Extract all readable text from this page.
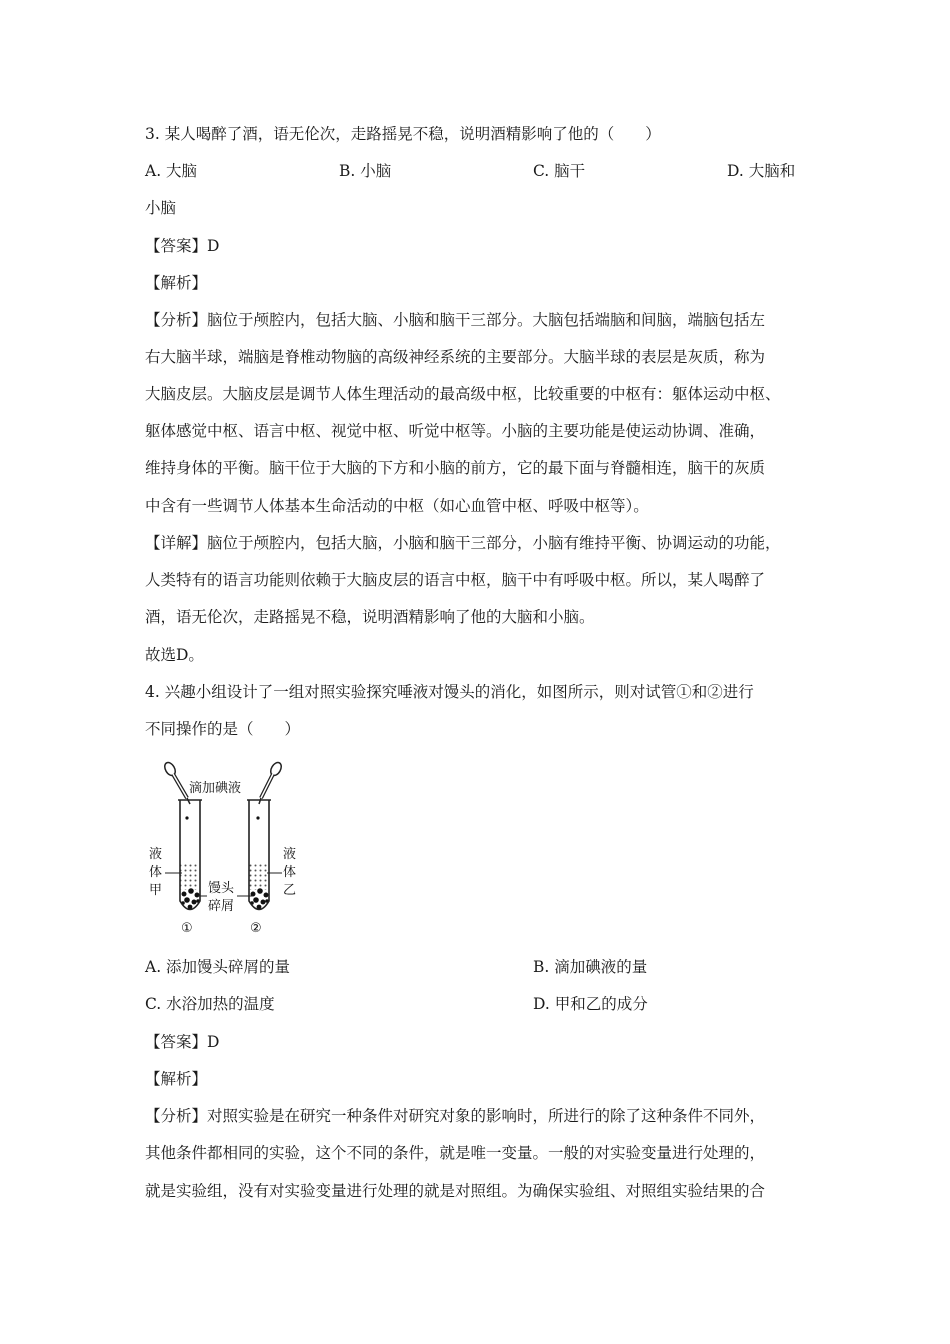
3. 某人喝醉了酒，语无伦次，走路摇晃不稳，说明酒精影响了他的（　　）
A. 大脑	B. 小脑	C. 脑干	D. 大脑和
小脑
【答案】D
【解析】
【分析】脑位于颅腔内，包括大脑、小脑和脑干三部分。大脑包括端脑和间脑，端脑包括左
右大脑半球，端脑是脊椎动物脑的高级神经系统的主要部分。大脑半球的表层是灰质，称为
大脑皮层。大脑皮层是调节人体生理活动的最高级中枢，比较重要的中枢有：躯体运动中枢、
躯体感觉中枢、语言中枢、视觉中枢、听觉中枢等。小脑的主要功能是使运动协调、准确，
维持身体的平衡。脑干位于大脑的下方和小脑的前方，它的最下面与脊髓相连，脑干的灰质
中含有一些调节人体基本生命活动的中枢（如心血管中枢、呼吸中枢等）。
【详解】脑位于颅腔内，包括大脑，小脑和脑干三部分，小脑有维持平衡、协调运动的功能，
人类特有的语言功能则依赖于大脑皮层的语言中枢，脑干中有呼吸中枢。所以，某人喝醉了
酒，语无伦次，走路摇晃不稳，说明酒精影响了他的大脑和小脑。
故选D。
4. 兴趣小组设计了一组对照实验探究唾液对馒头的消化，如图所示，则对试管①和②进行
不同操作的是（　　）
滴加碘液
液
体
甲
液
体
乙
馒头
碎屑
①	②
A. 添加馒头碎屑的量	B. 滴加碘液的量
C. 水浴加热的温度	D. 甲和乙的成分
【答案】D
【解析】
【分析】对照实验是在研究一种条件对研究对象的影响时，所进行的除了这种条件不同外，
其他条件都相同的实验，这个不同的条件，就是唯一变量。一般的对实验变量进行处理的，
就是实验组，没有对实验变量进行处理的就是对照组。为确保实验组、对照组实验结果的合
